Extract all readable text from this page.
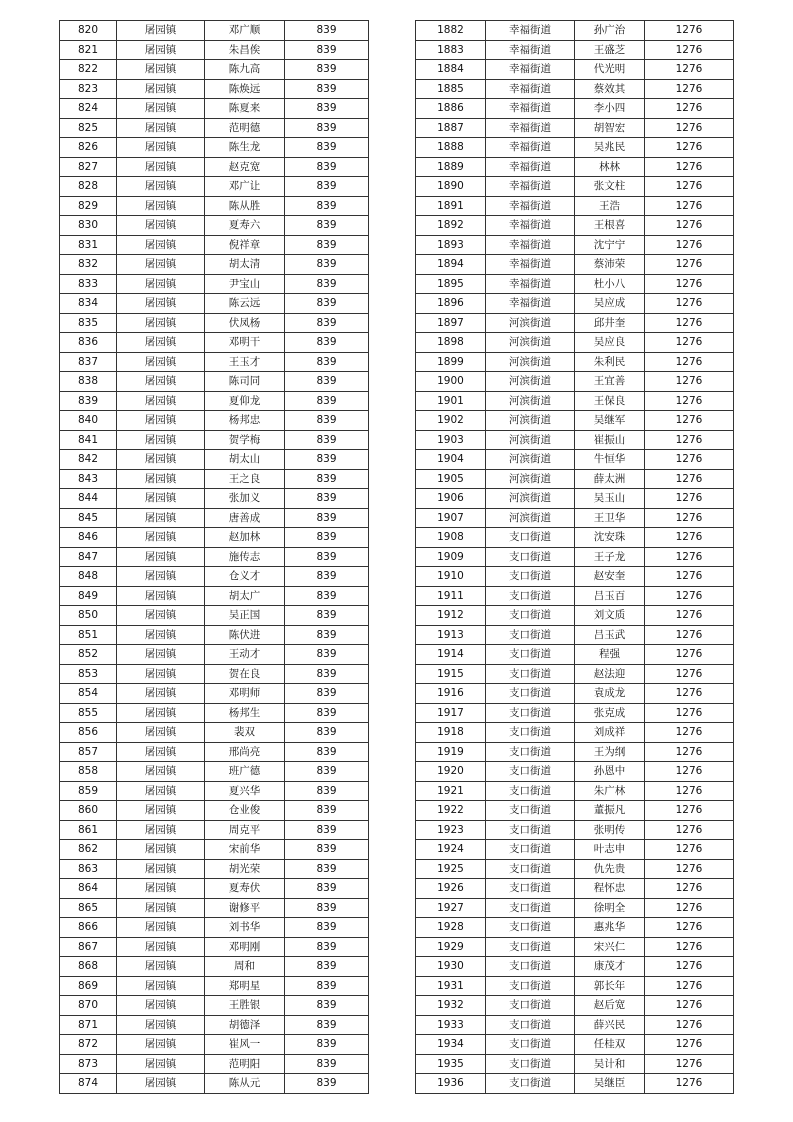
820	屠园镇	邓广顺	839
821	屠园镇	朱昌俟	839
822	屠园镇	陈九高	839
823	屠园镇	陈焕远	839
824	屠园镇	陈夏来	839
825	屠园镇	范明德	839
826	屠园镇	陈生龙	839
827	屠园镇	赵克宽	839
828	屠园镇	邓广让	839
829	屠园镇	陈从胜	839
830	屠园镇	夏寿六	839
831	屠园镇	倪祥章	839
832	屠园镇	胡太清	839
833	屠园镇	尹宝山	839
834	屠园镇	陈云远	839
835	屠园镇	伏凤杨	839
836	屠园镇	邓明干	839
837	屠园镇	王玉才	839
838	屠园镇	陈司同	839
839	屠园镇	夏仰龙	839
840	屠园镇	杨邦忠	839
841	屠园镇	贺学梅	839
842	屠园镇	胡太山	839
843	屠园镇	王之良	839
844	屠园镇	张加义	839
845	屠园镇	唐善成	839
846	屠园镇	赵加林	839
847	屠园镇	施传志	839
848	屠园镇	仓义才	839
849	屠园镇	胡太广	839
850	屠园镇	吴正国	839
851	屠园镇	陈伏进	839
852	屠园镇	王动才	839
853	屠园镇	贺在良	839
854	屠园镇	邓明师	839
855	屠园镇	杨邦生	839
856	屠园镇	裴双	839
857	屠园镇	邢尚亮	839
858	屠园镇	班广德	839
859	屠园镇	夏兴华	839
860	屠园镇	仓业俊	839
861	屠园镇	周克平	839
862	屠园镇	宋前华	839
863	屠园镇	胡光荣	839
864	屠园镇	夏寿伏	839
865	屠园镇	谢修平	839
866	屠园镇	刘书华	839
867	屠园镇	邓明刚	839
868	屠园镇	周和	839
869	屠园镇	郑明星	839
870	屠园镇	王胜银	839
871	屠园镇	胡德泽	839
872	屠园镇	崔风一	839
873	屠园镇	范明阳	839
874	屠园镇	陈从元	839
1882	幸福街道	孙广治	1276
1883	幸福街道	王盛芝	1276
1884	幸福街道	代光明	1276
1885	幸福街道	蔡效其	1276
1886	幸福街道	李小四	1276
1887	幸福街道	胡智宏	1276
1888	幸福街道	吴兆民	1276
1889	幸福街道	林林	1276
1890	幸福街道	张文柱	1276
1891	幸福街道	王浩	1276
1892	幸福街道	王根喜	1276
1893	幸福街道	沈宁宁	1276
1894	幸福街道	蔡沛荣	1276
1895	幸福街道	杜小八	1276
1896	幸福街道	吴应成	1276
1897	河滨街道	邱井奎	1276
1898	河滨街道	吴应良	1276
1899	河滨街道	朱利民	1276
1900	河滨街道	王宜善	1276
1901	河滨街道	王保良	1276
1902	河滨街道	吴继军	1276
1903	河滨街道	崔振山	1276
1904	河滨街道	牛恒华	1276
1905	河滨街道	薛太洲	1276
1906	河滨街道	吴玉山	1276
1907	河滨街道	王卫华	1276
1908	支口街道	沈安珠	1276
1909	支口街道	王子龙	1276
1910	支口街道	赵安奎	1276
1911	支口街道	吕玉百	1276
1912	支口街道	刘文质	1276
1913	支口街道	吕玉武	1276
1914	支口街道	程强	1276
1915	支口街道	赵法迎	1276
1916	支口街道	袁成龙	1276
1917	支口街道	张克成	1276
1918	支口街道	刘成祥	1276
1919	支口街道	王为纲	1276
1920	支口街道	孙恩中	1276
1921	支口街道	朱广林	1276
1922	支口街道	董振凡	1276
1923	支口街道	张明传	1276
1924	支口街道	叶志申	1276
1925	支口街道	仇先贵	1276
1926	支口街道	程怀忠	1276
1927	支口街道	徐明全	1276
1928	支口街道	惠兆华	1276
1929	支口街道	宋兴仁	1276
1930	支口街道	康茂才	1276
1931	支口街道	郭长年	1276
1932	支口街道	赵后宽	1276
1933	支口街道	薛兴民	1276
1934	支口街道	任桂双	1276
1935	支口街道	吴计和	1276
1936	支口街道	吴继臣	1276
